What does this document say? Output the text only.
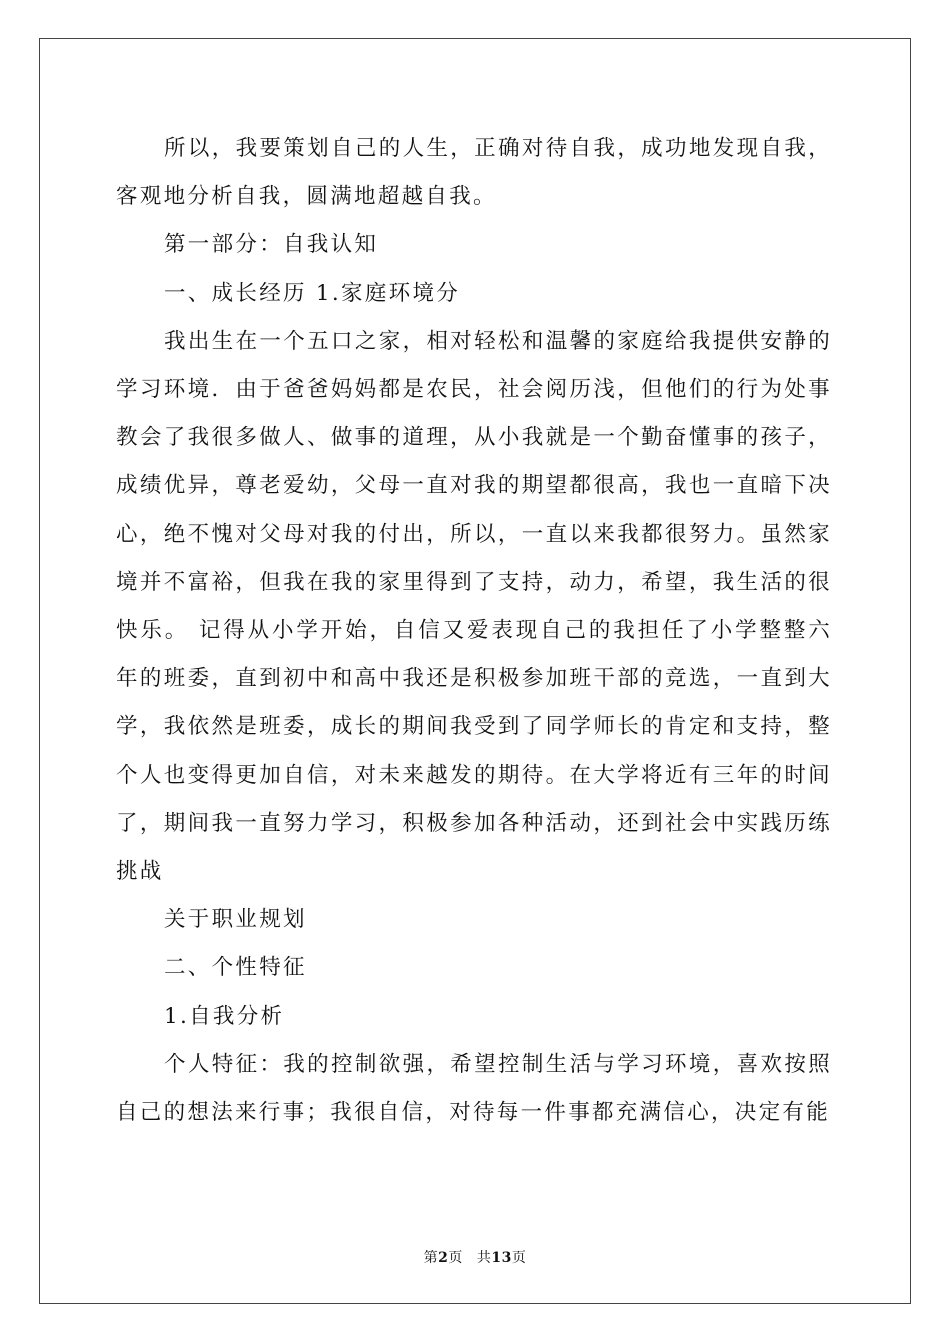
所以，我要策划自己的人生，正确对待自我，成功地发现自我，客观地分析自我，圆满地超越自我。

第一部分：自我认知

一、成长经历 1.家庭环境分

我出生在一个五口之家，相对轻松和温馨的家庭给我提供安静的学习环境．由于爸爸妈妈都是农民，社会阅历浅，但他们的行为处事教会了我很多做人、做事的道理，从小我就是一个勤奋懂事的孩子，成绩优异，尊老爱幼，父母一直对我的期望都很高，我也一直暗下决心，绝不愧对父母对我的付出，所以，一直以来我都很努力。虽然家境并不富裕，但我在我的家里得到了支持，动力，希望，我生活的很快乐。 记得从小学开始，自信又爱表现自己的我担任了小学整整六年的班委，直到初中和高中我还是积极参加班干部的竞选，一直到大学，我依然是班委，成长的期间我受到了同学师长的肯定和支持，整个人也变得更加自信，对未来越发的期待。在大学将近有三年的时间了，期间我一直努力学习，积极参加各种活动，还到社会中实践历练挑战

关于职业规划

二、个性特征

1.自我分析

个人特征：我的控制欲强，希望控制生活与学习环境，喜欢按照自己的想法来行事；我很自信，对待每一件事都充满信心，决定有能

第2页 共13页
